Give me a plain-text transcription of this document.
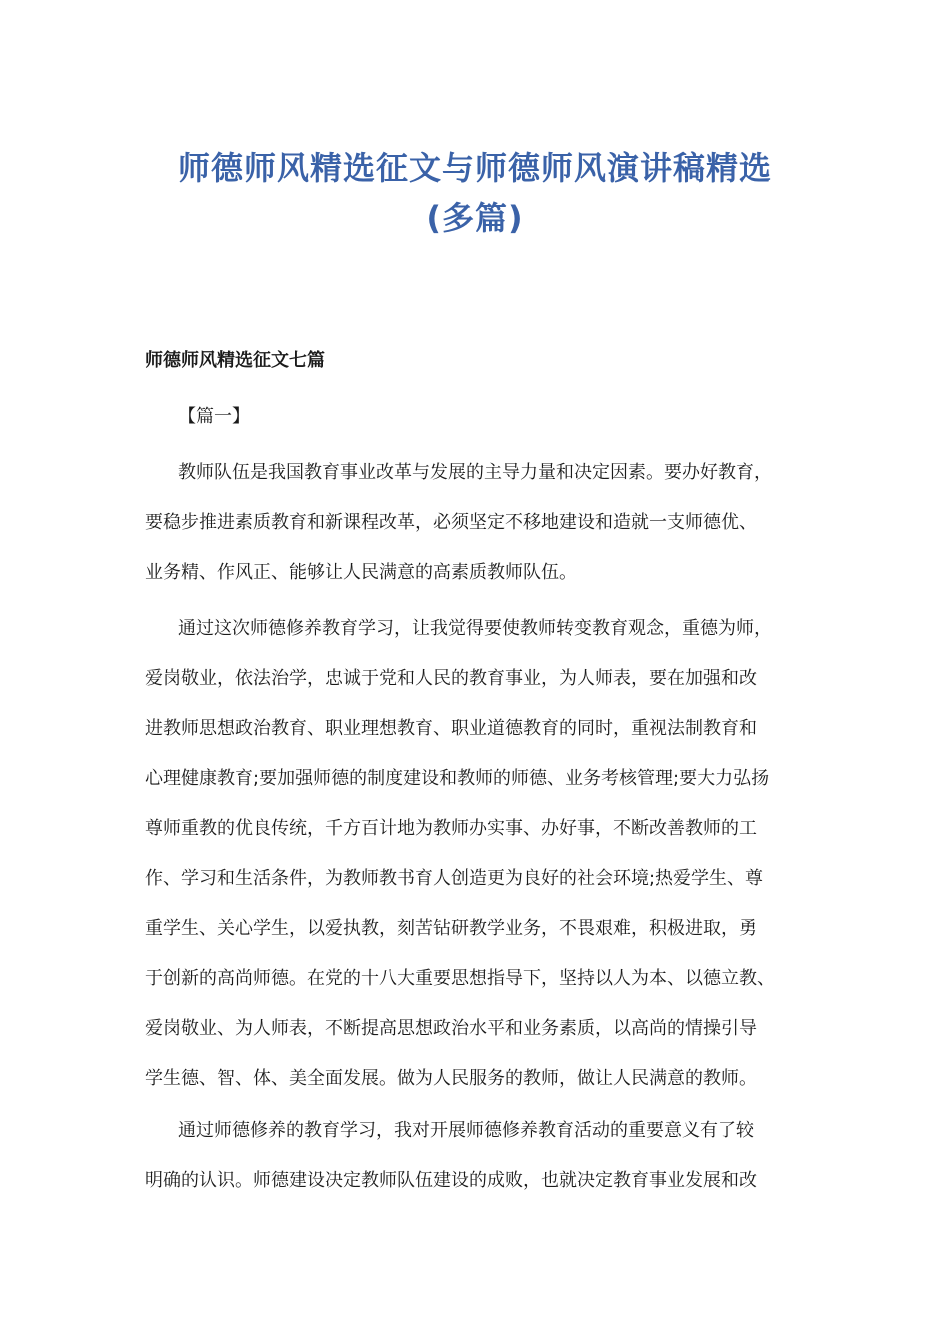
师德师风精选征文与师德师风演讲稿精选
(多篇)
师德师风精选征文七篇

【篇一】

教师队伍是我国教育事业改革与发展的主导力量和决定因素。要办好教育，
要稳步推进素质教育和新课程改革，必须坚定不移地建设和造就一支师德优、
业务精、作风正、能够让人民满意的高素质教师队伍。

通过这次师德修养教育学习，让我觉得要使教师转变教育观念，重德为师，
爱岗敬业，依法治学，忠诚于党和人民的教育事业，为人师表，要在加强和改
进教师思想政治教育、职业理想教育、职业道德教育的同时，重视法制教育和
心理健康教育;要加强师德的制度建设和教师的师德、业务考核管理;要大力弘扬
尊师重教的优良传统，千方百计地为教师办实事、办好事，不断改善教师的工
作、学习和生活条件，为教师教书育人创造更为良好的社会环境;热爱学生、尊
重学生、关心学生，以爱执教，刻苦钻研教学业务，不畏艰难，积极进取，勇
于创新的高尚师德。在党的十八大重要思想指导下，坚持以人为本、以德立教、
爱岗敬业、为人师表，不断提高思想政治水平和业务素质，以高尚的情操引导
学生德、智、体、美全面发展。做为人民服务的教师，做让人民满意的教师。

通过师德修养的教育学习，我对开展师德修养教育活动的重要意义有了较
明确的认识。师德建设决定教师队伍建设的成败，也就决定教育事业发展和改
